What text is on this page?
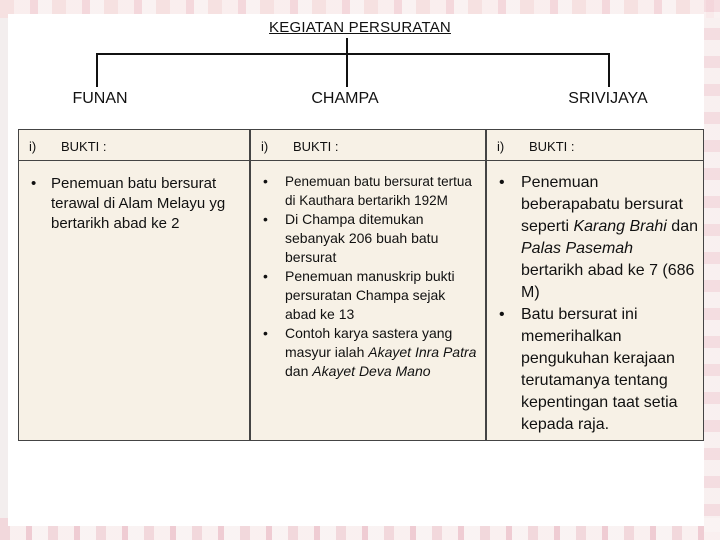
KEGIATAN PERSURATAN
FUNAN	CHAMPA	SRIVIJAYA
i) BUKTI :
• Penemuan batu bersurat terawal di Alam Melayu yg bertarikh abad ke 2
i) BUKTI :
• Penemuan batu bersurat tertua di Kauthara bertarikh 192M
• Di Champa ditemukan sebanyak 206 buah batu bersurat
• Penemuan manuskrip bukti persuratan Champa sejak abad ke 13
• Contoh karya sastera yang masyur ialah Akayet Inra Patra dan Akayet Deva Mano
i) BUKTI :
• Penemuan beberapabatu bersurat seperti Karang Brahi dan Palas Pasemah bertarikh abad ke 7 (686 M)
• Batu bersurat ini memerihalkan pengukuhan kerajaan terutamanya tentang kepentingan taat setia kepada raja.
